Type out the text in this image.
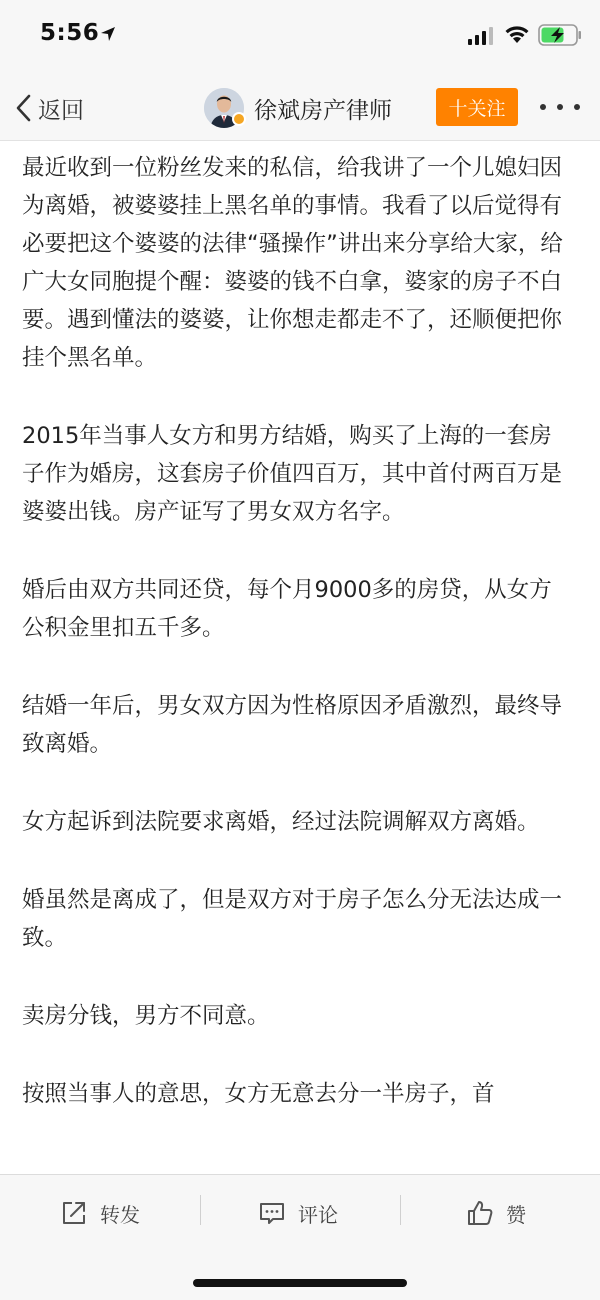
5:56
返回	徐斌房产律师	十关注

最近收到一位粉丝发来的私信，给我讲了一个儿媳妇因为离婚，被婆婆挂上黑名单的事情。我看了以后觉得有必要把这个婆婆的法律“骚操作”讲出来分享给大家，给广大女同胞提个醒：婆婆的钱不白拿，婆家的房子不白要。遇到懂法的婆婆，让你想走都走不了，还顺便把你挂个黑名单。

2015年当事人女方和男方结婚，购买了上海的一套房子作为婚房，这套房子价值四百万，其中首付两百万是婆婆出钱。房产证写了男女双方名字。

婚后由双方共同还贷，每个月9000多的房贷，从女方公积金里扣五千多。

结婚一年后，男女双方因为性格原因矛盾激烈，最终导致离婚。

女方起诉到法院要求离婚，经过法院调解双方离婚。

婚虽然是离成了，但是双方对于房子怎么分无法达成一致。

卖房分钱，男方不同意。

按照当事人的意思，女方无意去分一半房子，首

转发	评论	赞
